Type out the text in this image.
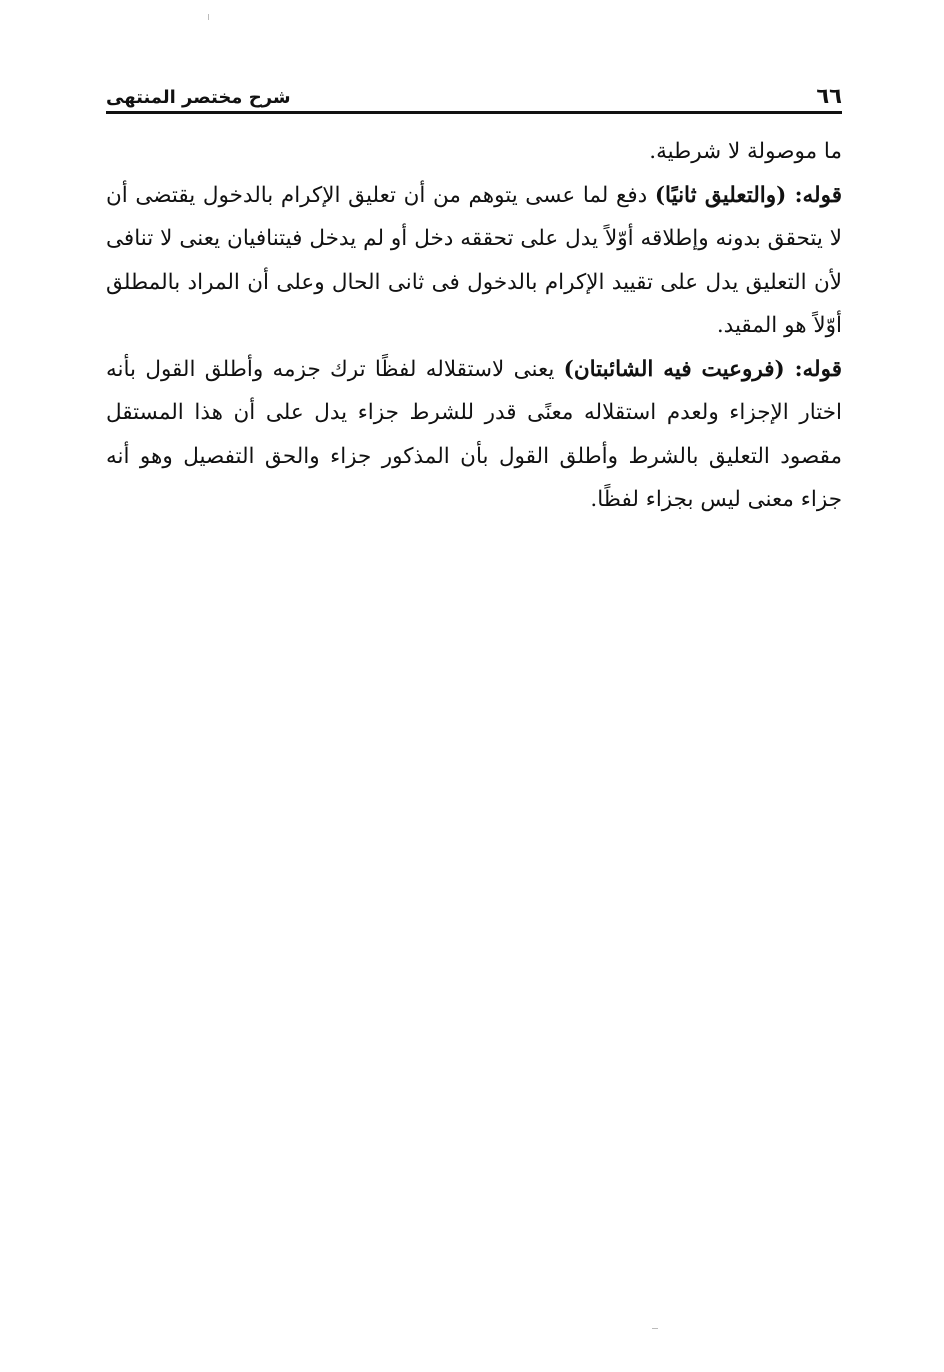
٦٦
شرح مختصر المنتهى

ما موصولة لا شرطية.

قوله: (والتعليق ثانيًا) دفع لما عسى يتوهم من أن تعليق الإكرام بالدخول يقتضى أن لا يتحقق بدونه وإطلاقه أوّلاً يدل على تحققه دخل أو لم يدخل فيتنافيان يعنى لا تنافى لأن التعليق يدل على تقييد الإكرام بالدخول فى ثانى الحال وعلى أن المراد بالمطلق أوّلاً هو المقيد.

قوله: (فروعيت فيه الشائبتان) يعنى لاستقلاله لفظًا ترك جزمه وأطلق القول بأنه اختار الإجزاء ولعدم استقلاله معنًى قدر للشرط جزاء يدل على أن هذا المستقل مقصود التعليق بالشرط وأطلق القول بأن المذكور جزاء والحق التفصيل وهو أنه جزاء معنى ليس بجزاء لفظًا.
